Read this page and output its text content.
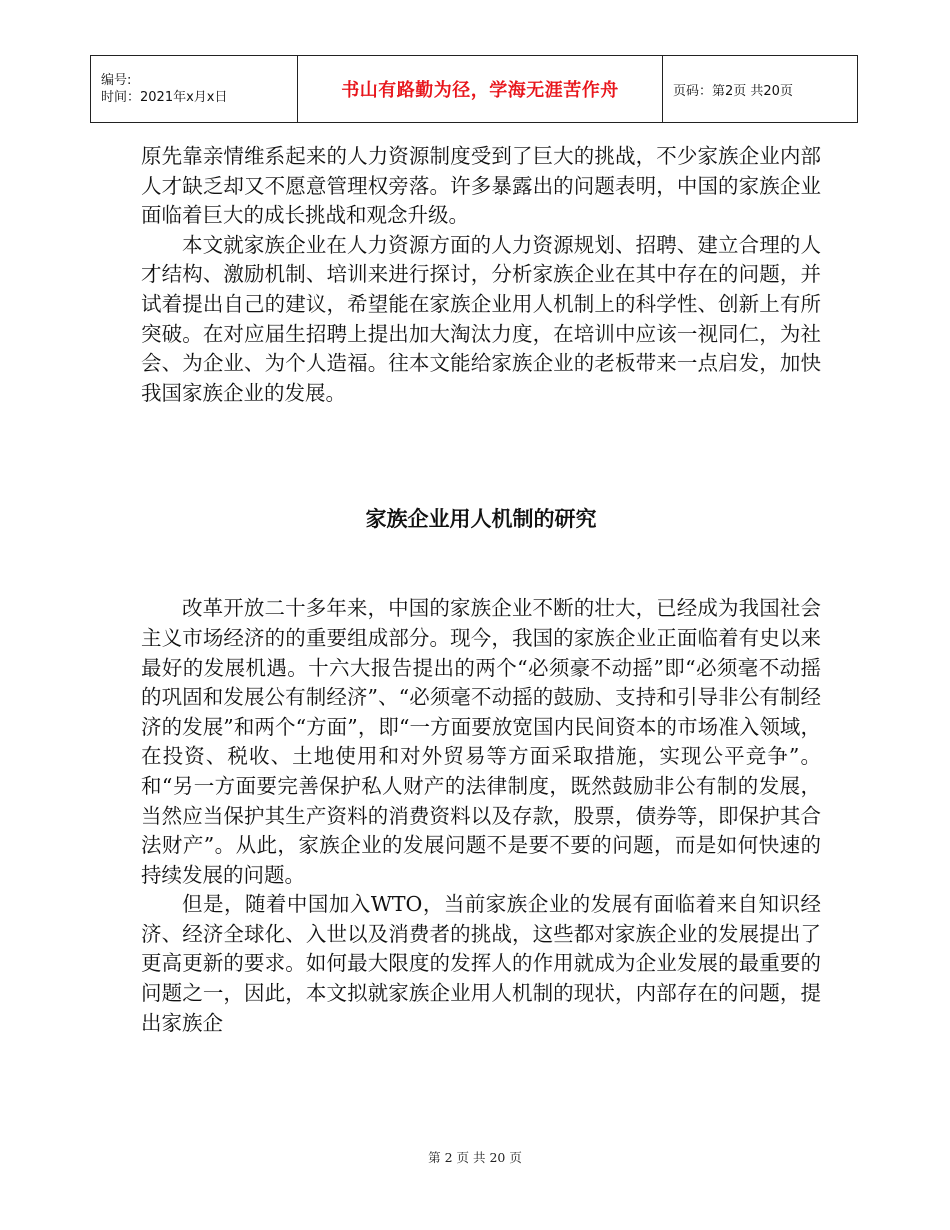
编号:
时间：2021年x月x日	书山有路勤为径，学海无涯苦作舟	页码：第2页 共20页

原先靠亲情维系起来的人力资源制度受到了巨大的挑战，不少家族企业内部人才缺乏却又不愿意管理权旁落。许多暴露出的问题表明，中国的家族企业面临着巨大的成长挑战和观念升级。

本文就家族企业在人力资源方面的人力资源规划、招聘、建立合理的人才结构、激励机制、培训来进行探讨，分析家族企业在其中存在的问题，并试着提出自己的建议，希望能在家族企业用人机制上的科学性、创新上有所突破。在对应届生招聘上提出加大淘汰力度，在培训中应该一视同仁，为社会、为企业、为个人造福。往本文能给家族企业的老板带来一点启发，加快我国家族企业的发展。

家族企业用人机制的研究

改革开放二十多年来，中国的家族企业不断的壮大，已经成为我国社会主义市场经济的的重要组成部分。现今，我国的家族企业正面临着有史以来最好的发展机遇。十六大报告提出的两个“必须豪不动摇”即“必须毫不动摇的巩固和发展公有制经济”、“必须毫不动摇的鼓励、支持和引导非公有制经济的发展”和两个“方面”，即“一方面要放宽国内民间资本的市场准入领域，在投资、税收、土地使用和对外贸易等方面采取措施，实现公平竞争”。和“另一方面要完善保护私人财产的法律制度，既然鼓励非公有制的发展，当然应当保护其生产资料的消费资料以及存款，股票，债券等，即保护其合法财产”。从此，家族企业的发展问题不是要不要的问题，而是如何快速的持续发展的问题。

但是，随着中国加入WTO，当前家族企业的发展有面临着来自知识经济、经济全球化、入世以及消费者的挑战，这些都对家族企业的发展提出了更高更新的要求。如何最大限度的发挥人的作用就成为企业发展的最重要的问题之一，因此，本文拟就家族企业用人机制的现状，内部存在的问题，提出家族企

第 2 页 共 20 页
